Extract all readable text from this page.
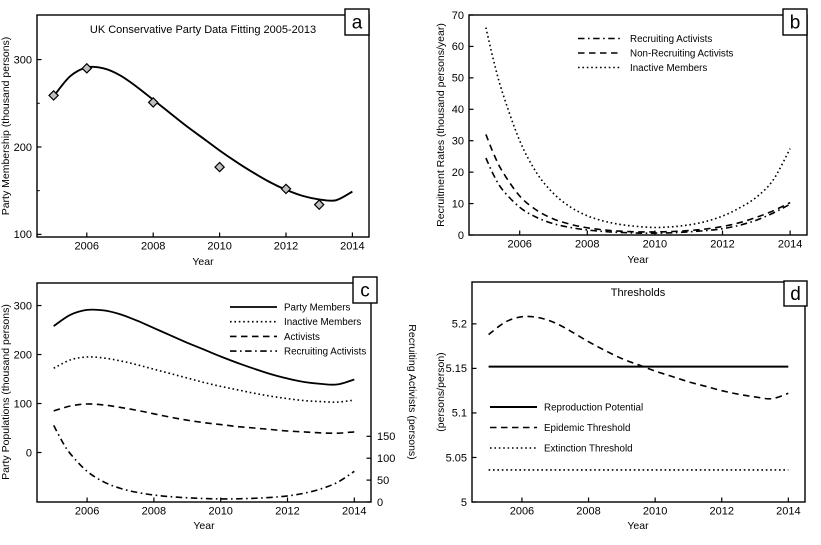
2006	2008	2010	2012	2014
100
200
300
Year
Party Membership (thousand persons)
UK Conservative Party Data Fitting 2005-2013 a
2006	2008	2010	2012	2014
0
10
20
30
40
50
60
70
Year
Recruitment Rates (thousand persons/year)	Recruiting Activists
Non-Recruiting Activists
Inactive Members
b
2006	2008	2010	2012	2014
0
100
200
300
0
50
100
150
Year
Party Populations (thousand persons)	Recruiting Activists (persons)
Party Members
Inactive Members
Activists
Recruiting Activists
c
2006	2008	2010	2012	2014
5
5.05
5.1
5.15
5.2
Year
(persons/person)
Thresholds
Reproduction Potential
Epidemic Threshold
Extinction Threshold
d
